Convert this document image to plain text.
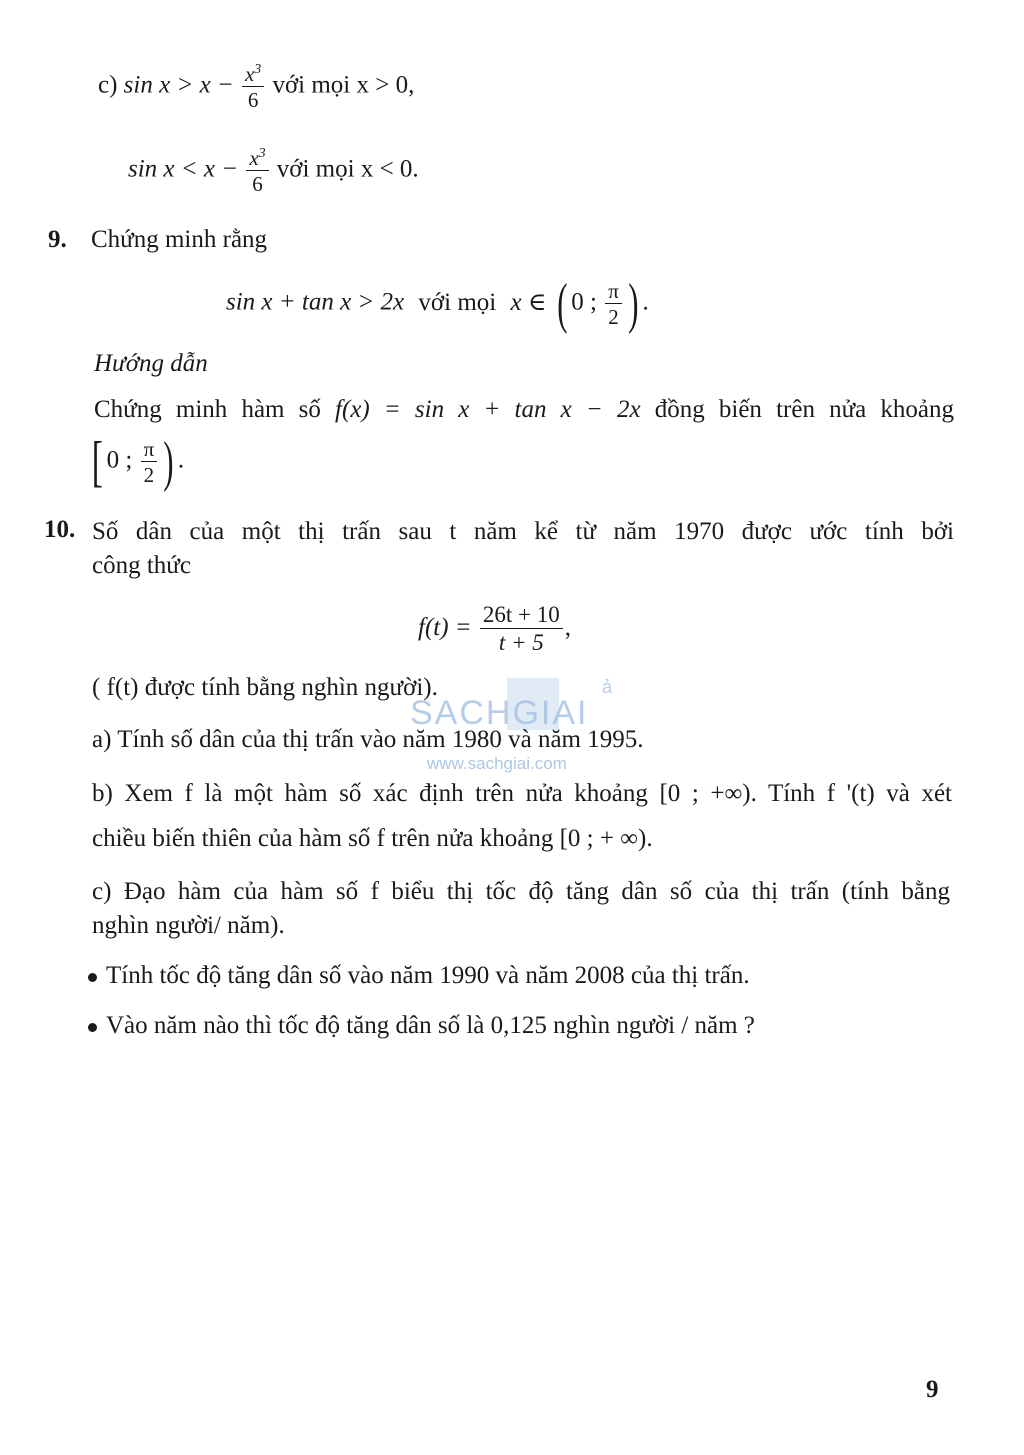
c) $\sin x > x - \frac{x^3}{6}$ với mọi x > 0,
$\sin x < x - \frac{x^3}{6}$ với mọi x < 0.
9. Chứng minh rằng
sin x + tan x > 2x với mọi x ∈ ( 0 ; $\frac{\pi}{2}$ ) .
Hướng dẫn
Chứng minh hàm số f(x) = sin x + tan x − 2x đồng biến trên nửa khoảng
[ 0 ; $\frac{\pi}{2}$ ) .
10. Số dân của một thị trấn sau t năm kể từ năm 1970 được ước tính bởi
công thức
$f(t) = \frac{26t + 10}{t + 5}$ ,
( f(t) được tính bằng nghìn người).
SACHGIAI
ả
www.sachgiai.com
a) Tính số dân của thị trấn vào năm 1980 và năm 1995.
b) Xem f là một hàm số xác định trên nửa khoảng [0 ; +∞). Tính f '(t) và xét
chiều biến thiên của hàm số f trên nửa khoảng [0 ; + ∞).
c) Đạo hàm của hàm số f biểu thị tốc độ tăng dân số của thị trấn (tính bằng
nghìn người/ năm).
Tính tốc độ tăng dân số vào năm 1990 và năm 2008 của thị trấn.
Vào năm nào thì tốc độ tăng dân số là 0,125 nghìn người / năm ?
9
